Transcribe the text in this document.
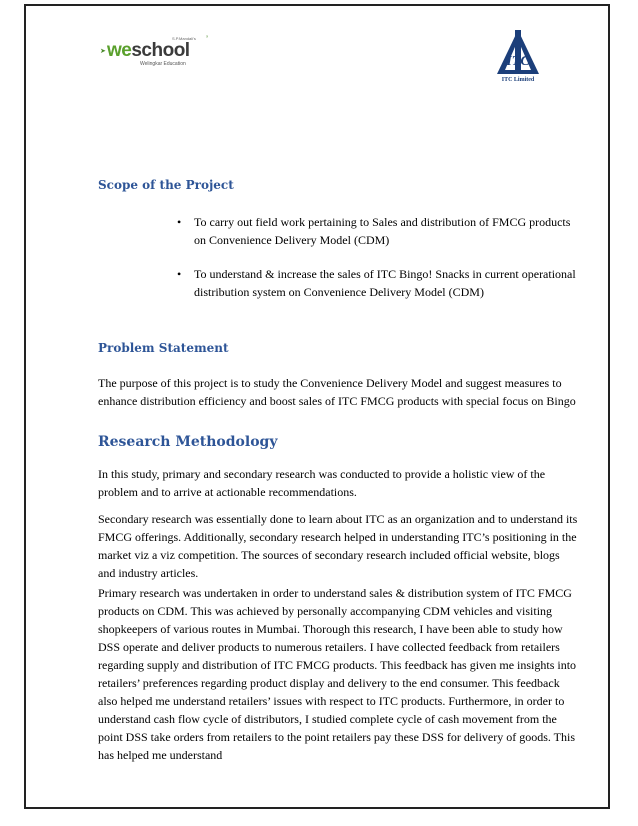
➤ weschool
S.P.Mandali's
Welingkar Education
’
ITC
ITC Limited
Scope of the Project
• To carry out field work pertaining to Sales and distribution of FMCG products on Convenience Delivery Model (CDM)
• To understand & increase the sales of ITC Bingo! Snacks in current operational distribution system on Convenience Delivery Model (CDM)
Problem Statement

The purpose of this project is to study the Convenience Delivery Model and suggest measures to enhance distribution efficiency and boost sales of ITC FMCG products with special focus on Bingo

Research Methodology

In this study, primary and secondary research was conducted to provide a holistic view of the problem and to arrive at actionable recommendations.

Secondary research was essentially done to learn about ITC as an organization and to understand its FMCG offerings. Additionally, secondary research helped in understanding ITC’s positioning in the market viz a viz competition. The sources of secondary research included official website, blogs and industry articles.

Primary research was undertaken in order to understand sales & distribution system of ITC FMCG products on CDM. This was achieved by personally accompanying CDM vehicles and visiting shopkeepers of various routes in Mumbai. Thorough this research, I have been able to study how DSS operate and deliver products to numerous retailers. I have collected feedback from retailers regarding supply and distribution of ITC FMCG products. This feedback has given me insights into retailers’ preferences regarding product display and delivery to the end consumer. This feedback also helped me understand retailers’ issues with respect to ITC products. Furthermore, in order to understand cash flow cycle of distributors, I studied complete cycle of cash movement from the point DSS take orders from retailers to the point retailers pay these DSS for delivery of goods. This has helped me understand
